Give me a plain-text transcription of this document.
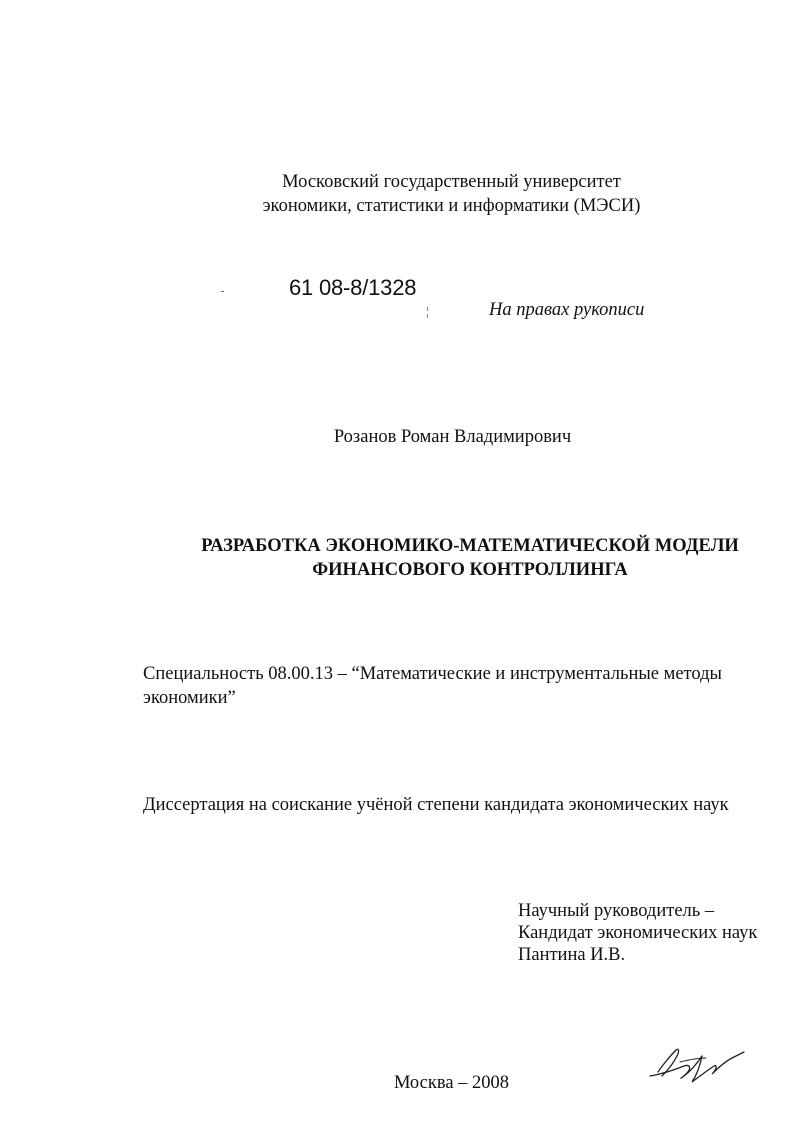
Московский государственный университет
экономики, статистики и информатики (МЭСИ)
61 08-8/1328
На правах рукописи
Розанов Роман Владимирович
РАЗРАБОТКА ЭКОНОМИКО-МАТЕМАТИЧЕСКОЙ МОДЕЛИ
ФИНАНСОВОГО КОНТРОЛЛИНГА
Специальность 08.00.13 – “Математические и инструментальные методы
экономики”
Диссертация на соискание учёной степени кандидата экономических наук
Научный руководитель –
Кандидат экономических наук
Пантина И.В.
Москва – 2008
